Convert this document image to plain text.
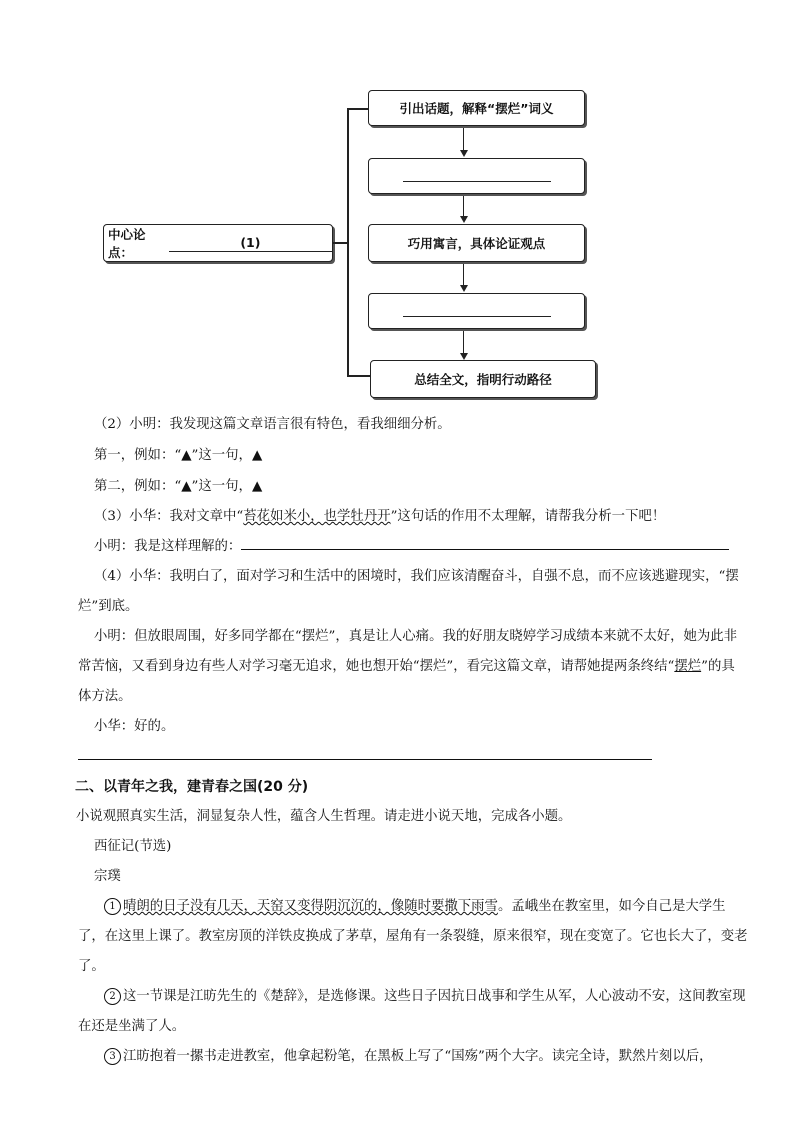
中心论点：
(1)
引出话题，解释“摆烂”词义
巧用寓言，具体论证观点
总结全文，指明行动路径

（2）小明：我发现这篇文章语言很有特色，看我细细分析。

第一，例如：“▲”这一句，▲

第二，例如：“▲”这一句，▲

（3）小华：我对文章中“苔花如米小，也学牡丹开”这句话的作用不太理解，请帮我分析一下吧！

小明：我是这样理解的：

（4）小华：我明白了，面对学习和生活中的困境时，我们应该清醒奋斗，自强不息，而不应该逃避现实，“摆烂”到底。

小明：但放眼周围，好多同学都在“摆烂”，真是让人心痛。我的好朋友晓婷学习成绩本来就不太好，她为此非常苦恼，又看到身边有些人对学习毫无追求，她也想开始“摆烂”，看完这篇文章，请帮她提两条终结“摆烂”的具体方法。

小华：好的。

二、以青年之我，建青春之国(20 分)

小说观照真实生活，洞显复杂人性，蕴含人生哲理。请走进小说天地，完成各小题。

西征记(节选)

宗璞

1 晴朗的日子没有几天，天窑又变得阴沉沉的，像随时要撒下雨雪。孟峨坐在教室里，如今自己是大学生了，在这里上课了。教室房顶的洋铁皮换成了茅草，屋角有一条裂缝，原来很窄，现在变宽了。它也长大了，变老了。

2 这一节课是江昉先生的《楚辞》，是选修课。这些日子因抗日战事和学生从军，人心波动不安，这间教室现在还是坐满了人。

3 江昉抱着一摞书走进教室，他拿起粉笔，在黑板上写了“国殇”两个大字。读完全诗，默然片刻以后，
